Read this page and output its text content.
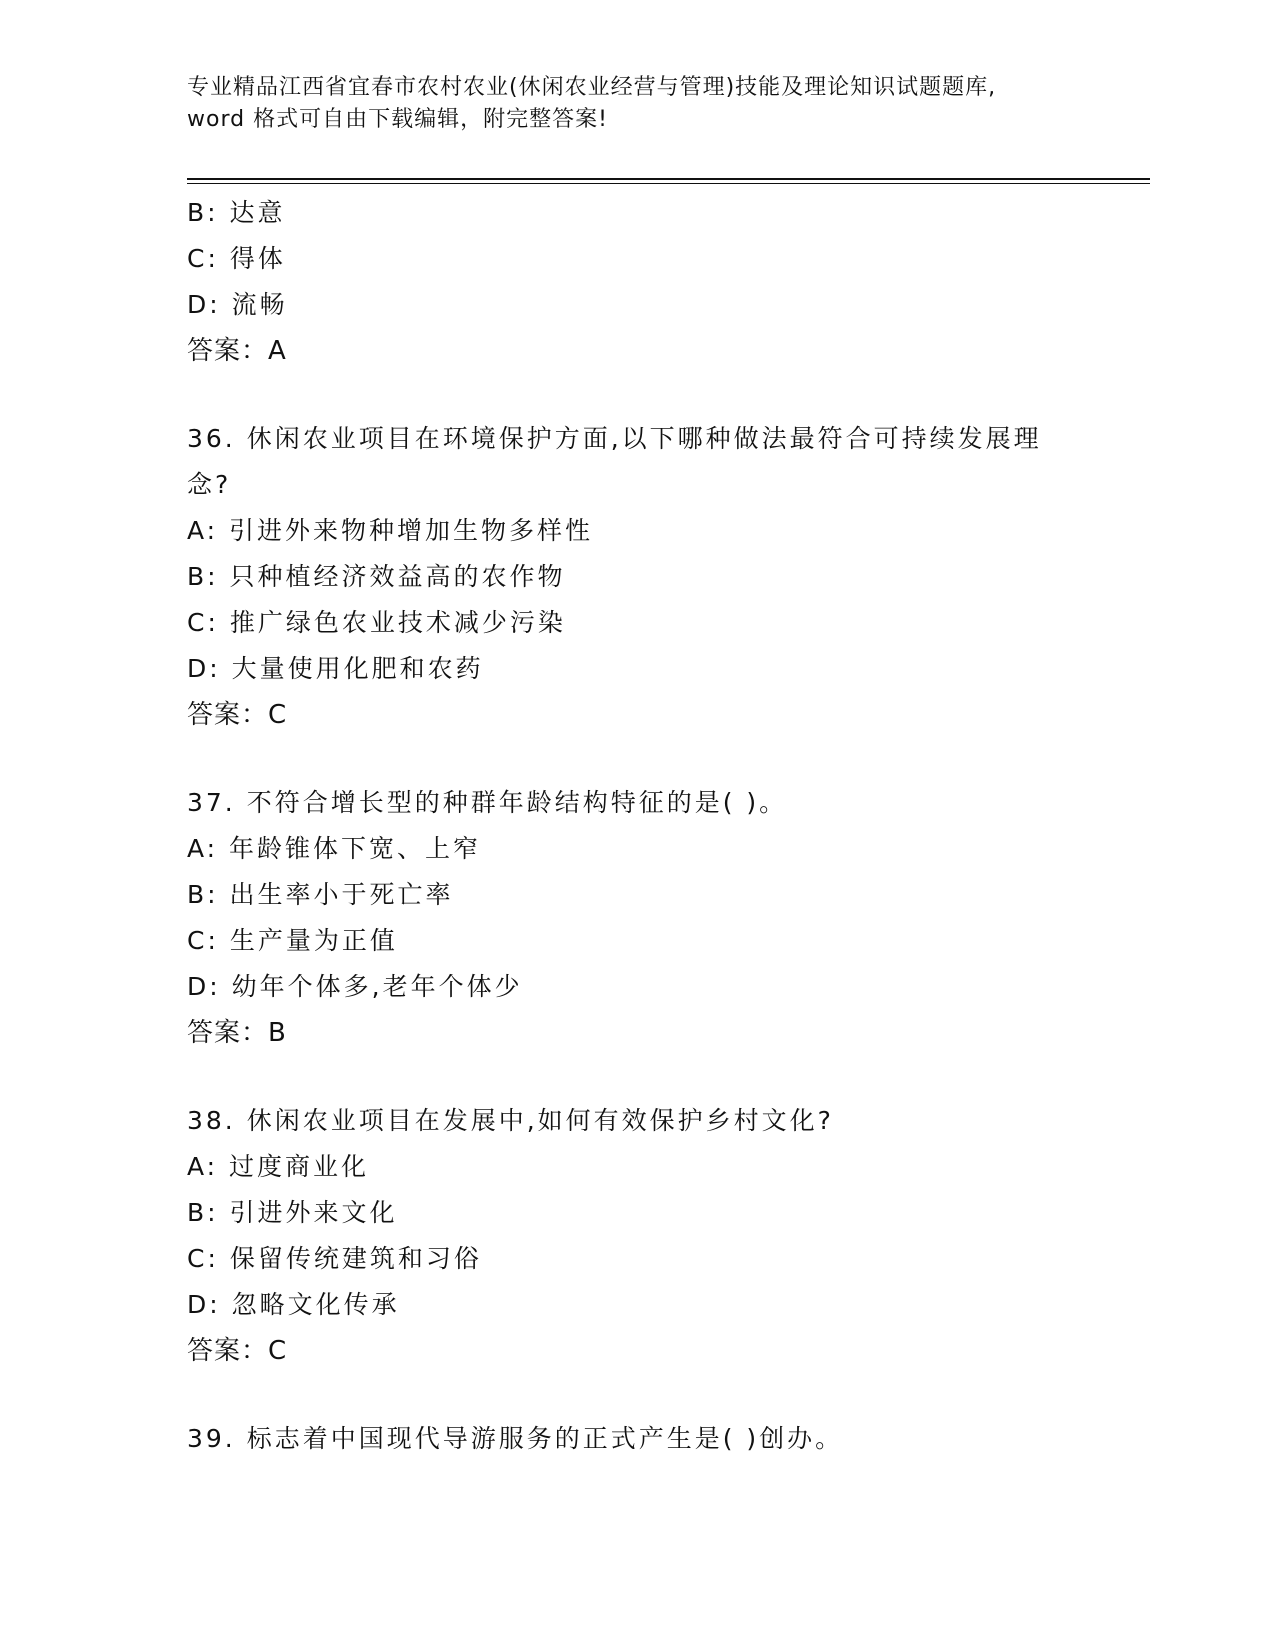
专业精品江西省宜春市农村农业(休闲农业经营与管理)技能及理论知识试题题库,
word 格式可自由下载编辑，附完整答案!
B: 达意
C: 得体
D: 流畅
答案：A
36. 休闲农业项目在环境保护方面,以下哪种做法最符合可持续发展理
念?
A: 引进外来物种增加生物多样性
B: 只种植经济效益高的农作物
C: 推广绿色农业技术减少污染
D: 大量使用化肥和农药
答案：C
37. 不符合增长型的种群年龄结构特征的是( )。
A: 年龄锥体下宽、上窄
B: 出生率小于死亡率
C: 生产量为正值
D: 幼年个体多,老年个体少
答案：B
38. 休闲农业项目在发展中,如何有效保护乡村文化?
A: 过度商业化
B: 引进外来文化
C: 保留传统建筑和习俗
D: 忽略文化传承
答案：C
39. 标志着中国现代导游服务的正式产生是( )创办。
